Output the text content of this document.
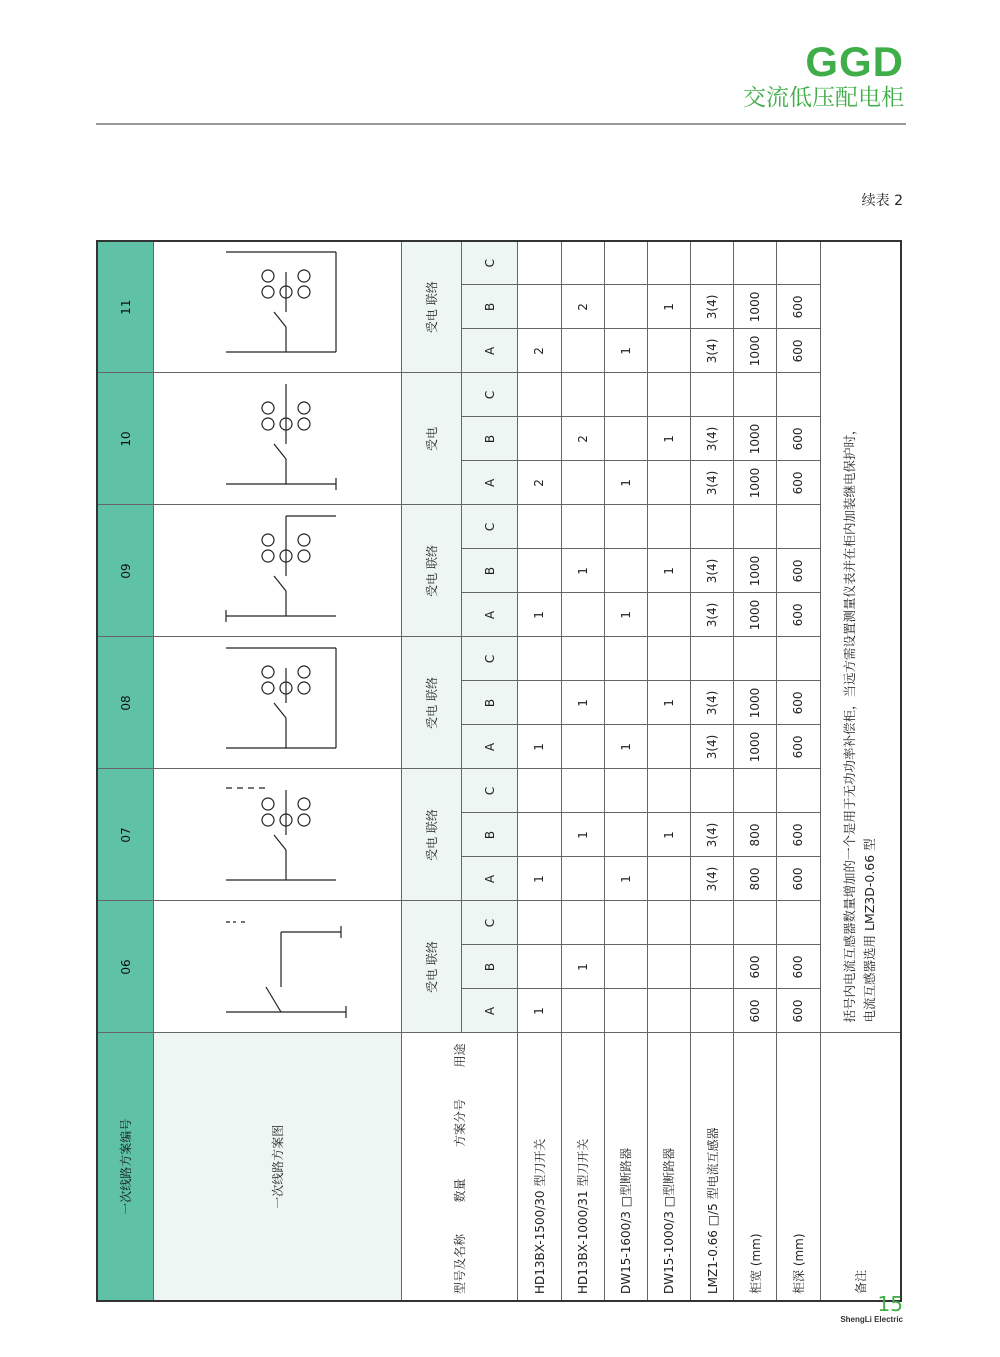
GGD
交流低压配电柜
续表 2
一次线路方案编号	06			07			08			09			10			11		
一次线路方案图						

型号及名称
数量
方案分号
用途	受电 联络			受电 联络			受电 联络			受电 联络			受电			受电 联络		
	A	B	C	A	B	C	A	B	C	A	B	C	A	B	C	A	B	C
HD13BX-1500/30 型刀开关	1			1			1			1			2			2		
HD13BX-1000/31 型刀开关		1			1			1			1			2			2	
DW15-1600/3 □型断路器				1			1			1			1			1		
DW15-1000/3 □型断路器					1			1			1			1			1	
LMZ1-0.66 □/5 型电流互感器				3(4)	3(4)		3(4)	3(4)		3(4)	3(4)		3(4)	3(4)		3(4)	3(4)	
柜宽 (mm)	600	600		800	800		1000	1000		1000	1000		1000	1000		1000	1000	
柜深 (mm)	600	600		600	600		600	600		600	600		600	600		600	600	
备注	括号内电流互感器数量增加的一个是用于无功功率补偿柜，当远方需设置测量仪表并在柜内加装继电保护时， 电流互感器选用 LMZ3D-0.66 型																	
15
ShengLi Electric
